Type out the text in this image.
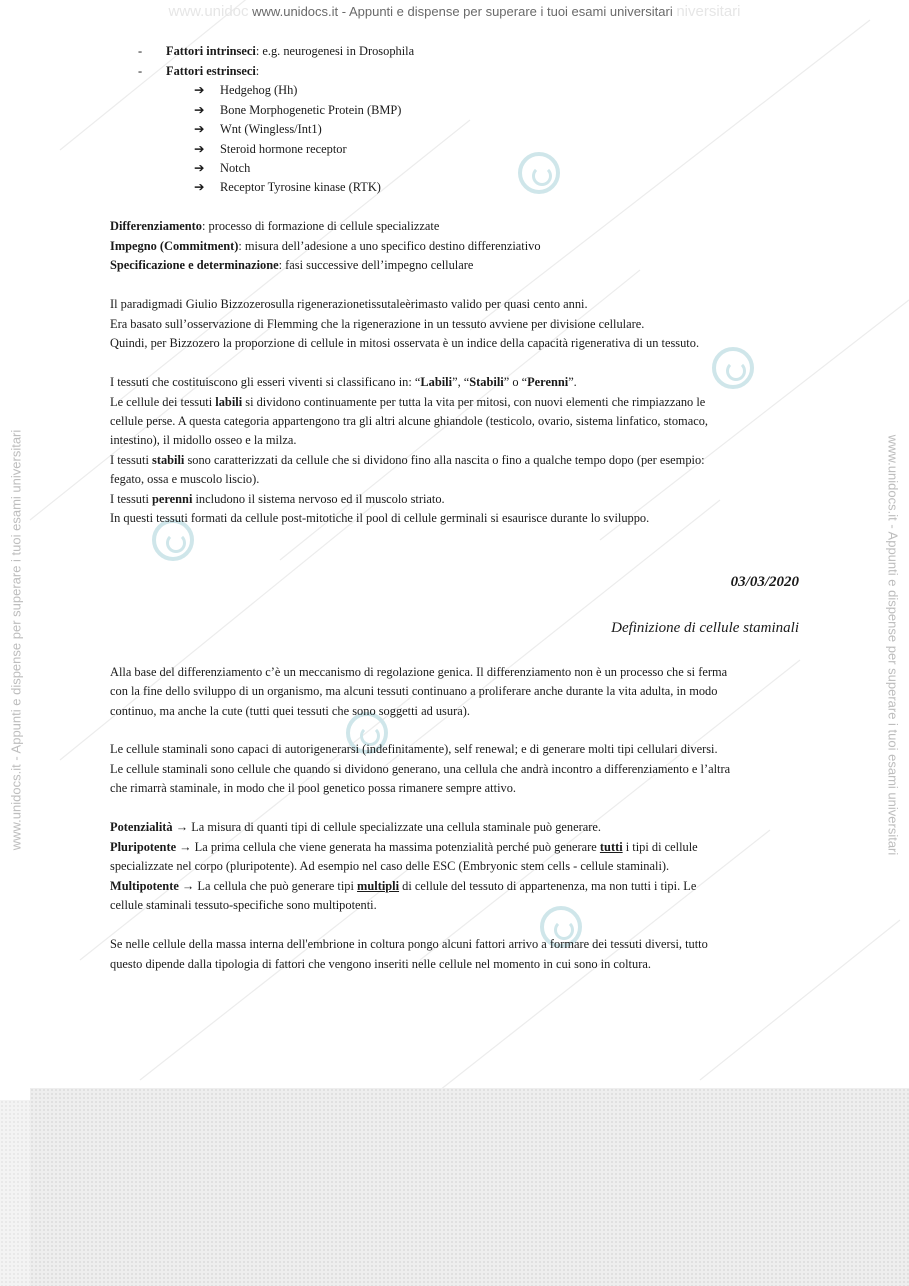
www.unidoc www.unidocs.it - Appunti e dispense per superare i tuoi esami universitari niversitari
www.unidocs.it - Appunti e dispense per superare i tuoi esami universitari	www.unidocs.it - Appunti e dispense per superare i tuoi esami universitari
- Fattori intrinseci: e.g. neurogenesi in Drosophila
- Fattori estrinseci:
➔ Hedgehog (Hh)
➔ Bone Morphogenetic Protein (BMP)
➔ Wnt (Wingless/Int1)
➔ Steroid hormone receptor
➔ Notch
➔ Receptor Tyrosine kinase (RTK)
Differenziamento: processo di formazione di cellule specializzate
Impegno (Commitment): misura dell’adesione a uno specifico destino differenziativo
Specificazione e determinazione: fasi successive dell’impegno cellulare
Il paradigmadi Giulio Bizzozerosulla rigenerazionetissutaleèrimasto valido per quasi cento anni.
Era basato sull’osservazione di Flemming che la rigenerazione in un tessuto avviene per divisione cellulare.
Quindi, per Bizzozero la proporzione di cellule in mitosi osservata è un indice della capacità rigenerativa di un tessuto.
I tessuti che costituiscono gli esseri viventi si classificano in: “Labili”, “Stabili” o “Perenni”.
Le cellule dei tessuti labili si dividono continuamente per tutta la vita per mitosi, con nuovi elementi che rimpiazzano le
cellule perse. A questa categoria appartengono tra gli altri alcune ghiandole (testicolo, ovario, sistema linfatico, stomaco,
intestino), il midollo osseo e la milza.
I tessuti stabili sono caratterizzati da cellule che si dividono fino alla nascita o fino a qualche tempo dopo (per esempio:
fegato, ossa e muscolo liscio).
I tessuti perenni includono il sistema nervoso ed il muscolo striato.
In questi tessuti formati da cellule post-mitotiche il pool di cellule germinali si esaurisce durante lo sviluppo.
Alla base del differenziamento c’è un meccanismo di regolazione genica. Il differenziamento non è un processo che si ferma
con la fine dello sviluppo di un organismo, ma alcuni tessuti continuano a proliferare anche durante la vita adulta, in modo
continuo, ma anche la cute (tutti quei tessuti che sono soggetti ad usura).
Le cellule staminali sono capaci di autorigenerarsi (indefinitamente), self renewal; e di generare molti tipi cellulari diversi.
Le cellule staminali sono cellule che quando si dividono generano, una cellula che andrà incontro a differenziamento e l’altra
che rimarrà staminale, in modo che il pool genetico possa rimanere sempre attivo.
Potenzialità → La misura di quanti tipi di cellule specializzate una cellula staminale può generare.
Pluripotente → La prima cellula che viene generata ha massima potenzialità perché può generare tutti i tipi di cellule
specializzate nel corpo (pluripotente). Ad esempio nel caso delle ESC (Embryonic stem cells - cellule staminali).
Multipotente → La cellula che può generare tipi multipli di cellule del tessuto di appartenenza, ma non tutti i tipi. Le
cellule staminali tessuto-specifiche sono multipotenti.
Se nelle cellule della massa interna dell'embrione in coltura pongo alcuni fattori arrivo a formare dei tessuti diversi, tutto
questo dipende dalla tipologia di fattori che vengono inseriti nelle cellule nel momento in cui sono in coltura.
03/03/2020
Definizione di cellule staminali
